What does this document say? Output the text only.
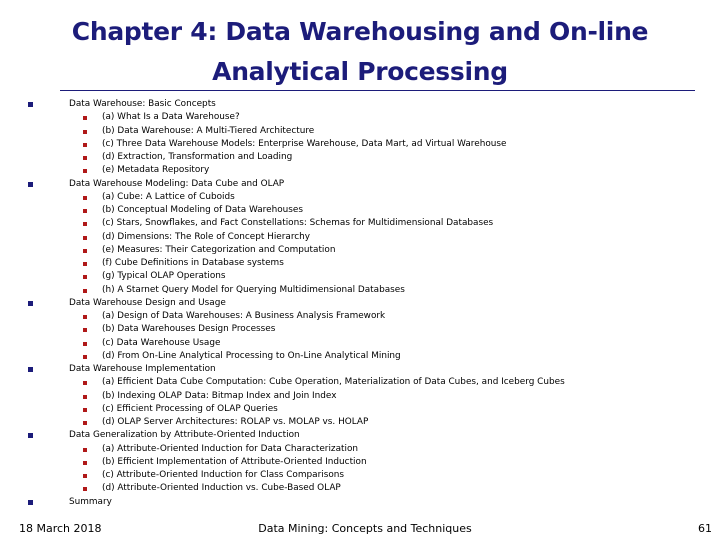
Chapter 4: Data Warehousing and On-line
Analytical Processing
Data Warehouse: Basic Concepts
(a) What Is a Data Warehouse?
(b) Data Warehouse: A Multi-Tiered Architecture
(c) Three Data Warehouse Models: Enterprise Warehouse, Data Mart, ad Virtual Warehouse
(d) Extraction, Transformation and Loading
(e) Metadata Repository
Data Warehouse Modeling: Data Cube and OLAP
(a) Cube: A Lattice of Cuboids
(b) Conceptual Modeling of Data Warehouses
(c) Stars, Snowflakes, and Fact Constellations: Schemas for Multidimensional Databases
(d) Dimensions: The Role of Concept Hierarchy
(e) Measures: Their Categorization and Computation
(f) Cube Definitions in Database systems
(g) Typical OLAP Operations
(h) A Starnet Query Model for Querying Multidimensional Databases
Data Warehouse Design and Usage
(a) Design of Data Warehouses: A Business Analysis Framework
(b) Data Warehouses Design Processes
(c) Data Warehouse Usage
(d) From On-Line Analytical Processing to On-Line Analytical Mining
Data Warehouse Implementation
(a) Efficient Data Cube Computation: Cube Operation, Materialization of Data Cubes, and Iceberg Cubes
(b) Indexing OLAP Data: Bitmap Index and Join Index
(c) Efficient Processing of OLAP Queries
(d) OLAP Server Architectures: ROLAP vs. MOLAP vs. HOLAP
Data Generalization by Attribute-Oriented Induction
(a) Attribute-Oriented Induction for Data Characterization
(b) Efficient Implementation of Attribute-Oriented Induction
(c) Attribute-Oriented Induction for Class Comparisons
(d) Attribute-Oriented Induction vs. Cube-Based OLAP
Summary
18 March 2018	Data Mining: Concepts and Techniques	61
